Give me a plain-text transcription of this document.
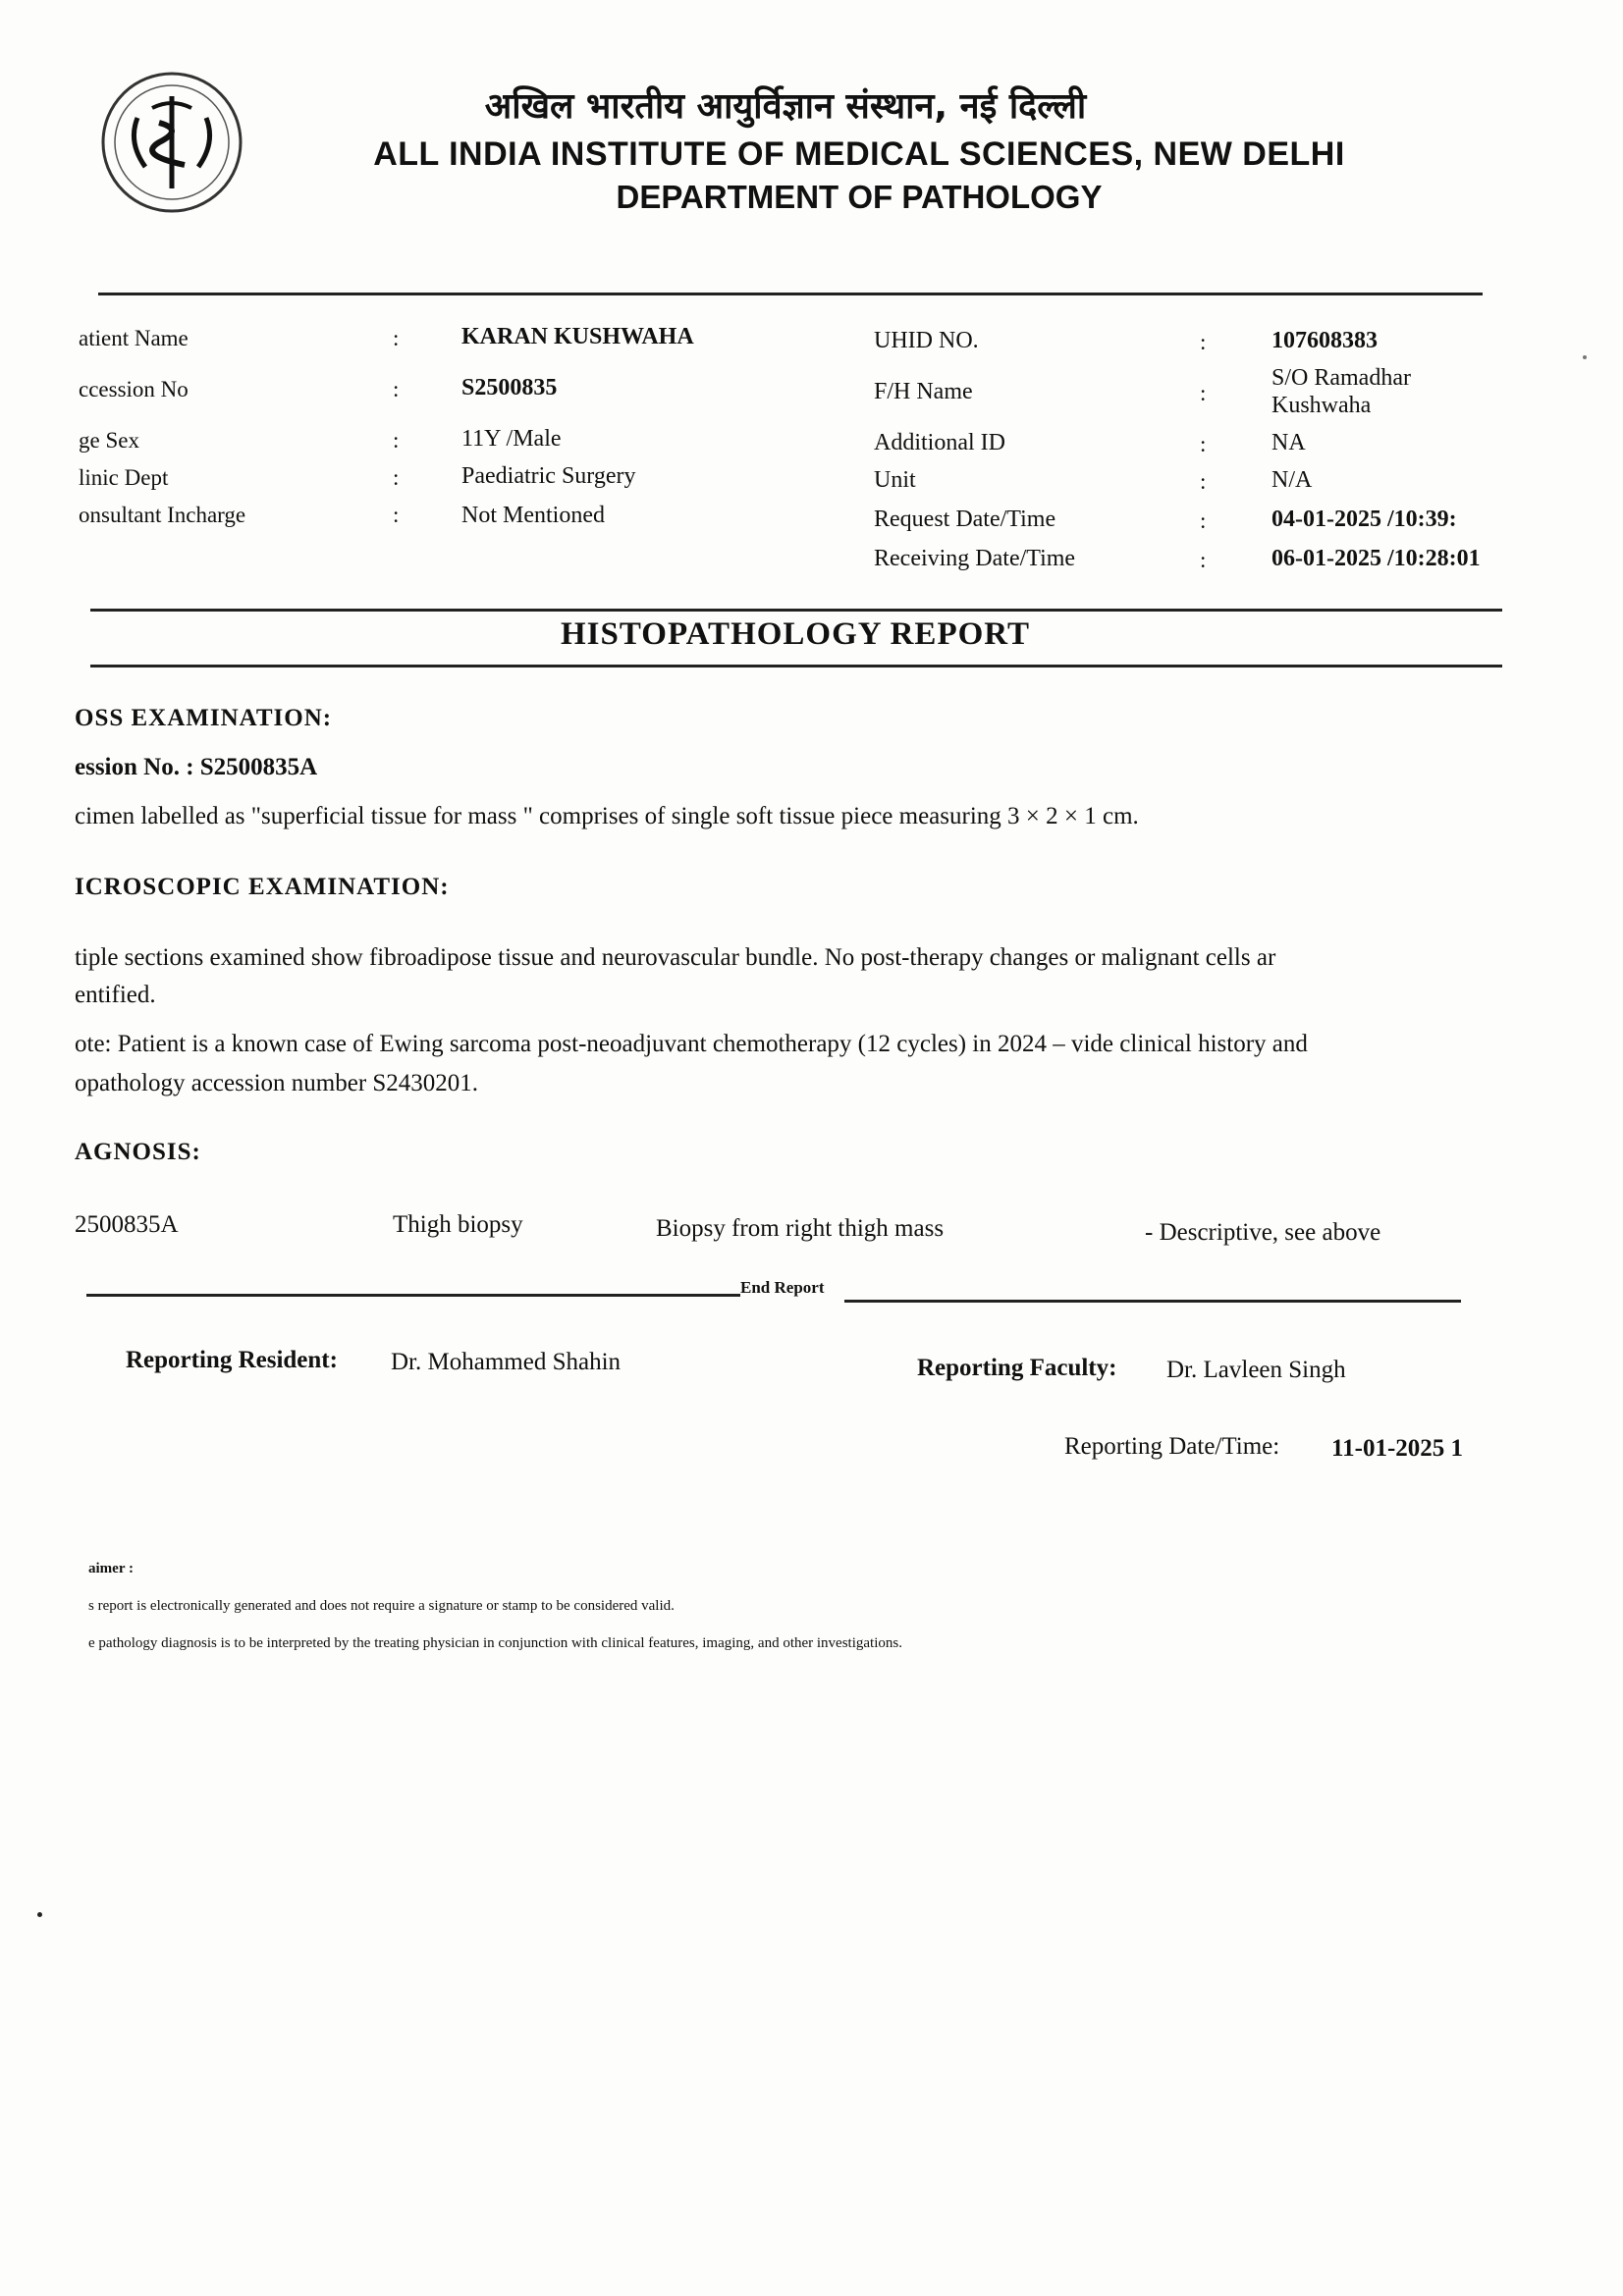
अखिल भारतीय आयुर्विज्ञान संस्थान, नई दिल्ली
ALL INDIA INSTITUTE OF MEDICAL SCIENCES, NEW DELHI
DEPARTMENT OF PATHOLOGY
atient Name	:	KARAN KUSHWAHA
ccession No	:	S2500835
ge Sex	:	11Y /Male
linic Dept	:	Paediatric Surgery
onsultant Incharge	:	Not Mentioned
UHID NO.	:	107608383
F/H Name	:
S/O Ramadhar
Kushwaha
Additional ID	:	NA
Unit	:	N/A
Request Date/Time	:	04-01-2025 /10:39:
Receiving Date/Time	:	06-01-2025 /10:28:01
HISTOPATHOLOGY REPORT
OSS EXAMINATION:
ession No. : S2500835A
cimen labelled as "superficial tissue for mass " comprises of single soft tissue piece measuring 3 × 2 × 1 cm.
ICROSCOPIC EXAMINATION:
tiple sections examined show fibroadipose tissue and neurovascular bundle. No post-therapy changes or malignant cells ar
entified.
ote: Patient is a known case of Ewing sarcoma post-neoadjuvant chemotherapy (12 cycles) in 2024 – vide clinical history and
opathology accession number S2430201.
AGNOSIS:
2500835A	Thigh biopsy	Biopsy from right thigh mass	- Descriptive, see above
End Report
Reporting Resident: Dr. Mohammed Shahin	Reporting Faculty: Dr. Lavleen Singh
Reporting Date/Time: 11-01-2025 1
aimer :
s report is electronically generated and does not require a signature or stamp to be considered valid.
e pathology diagnosis is to be interpreted by the treating physician in conjunction with clinical features, imaging, and other investigations.
